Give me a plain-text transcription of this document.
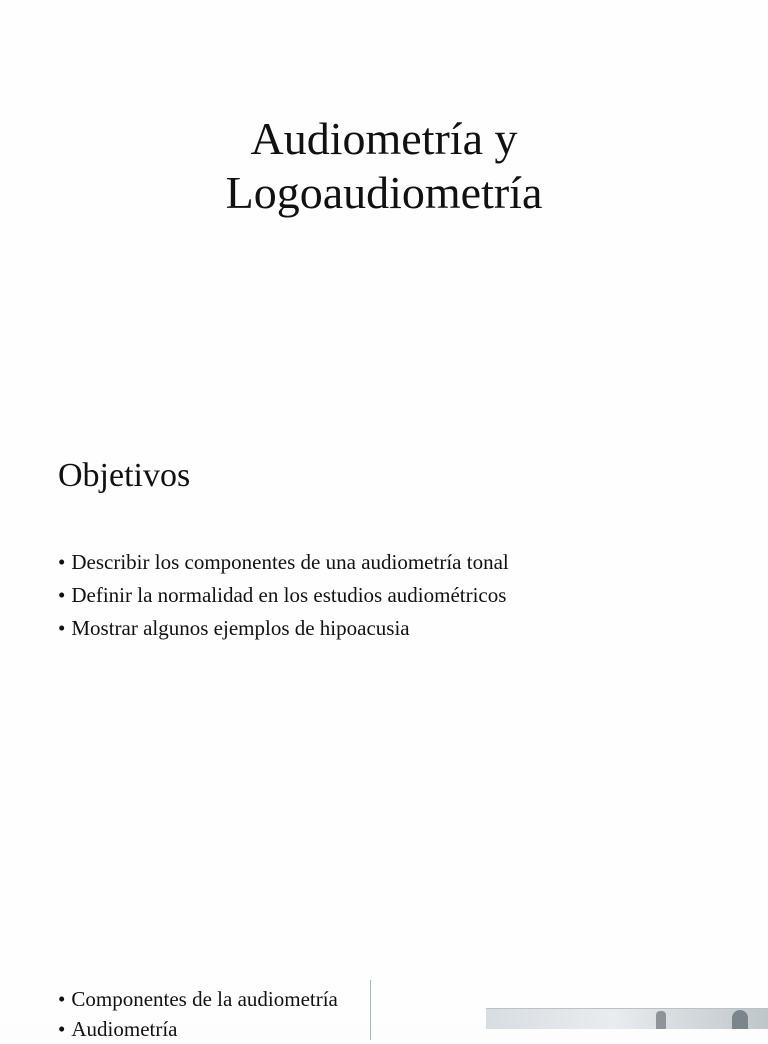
Audiometría y
Logoaudiometría
Objetivos
• Describir los componentes de una audiometría tonal
• Definir la normalidad en los estudios audiométricos
• Mostrar algunos ejemplos de hipoacusia
• Componentes de la audiometría
• Audiometría
